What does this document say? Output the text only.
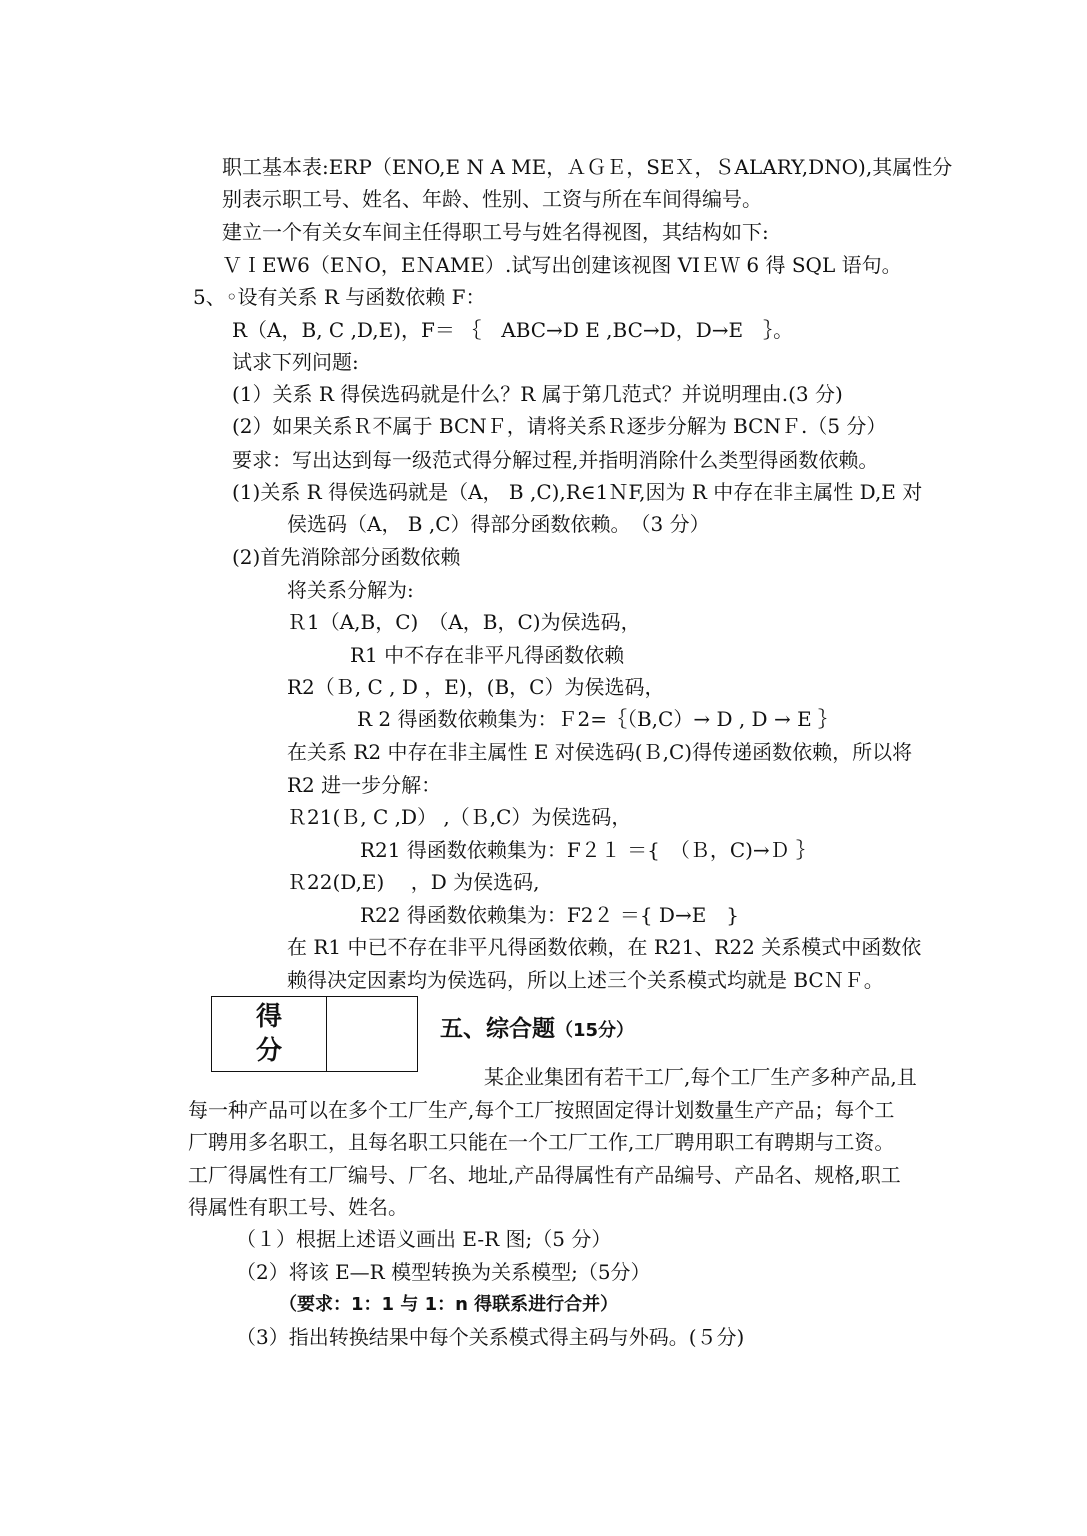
职工基本表:ERP（ENO,E N A ME，ＡＧＥ，SEＸ，ＳALARY,DNO),其属性分
别表示职工号、姓名、年龄、性别、工资与所在车间得编号。
建立一个有关女车间主任得职工号与姓名得视图，其结构如下:
ＶＩEW6（EＮO，EＮAME）.试写出创建该视图 VIＥＷ 6 得 SQL 语句。
5、◦设有关系 R 与函数依赖 F：
R（A，B, C ,D,E)，F＝ ｛　ABC→D E ,BC→D，D→E　｝。
试求下列问题:
(1）关系 R 得侯选码就是什么？R 属于第几范式？并说明理由.(3 分)
(2）如果关系Ｒ不属于 BCNＦ，请将关系Ｒ逐步分解为 BCNＦ.（5 分）
要求：写出达到每一级范式得分解过程,并指明消除什么类型得函数依赖。
(1)关系 R 得侯选码就是（A， B ,C),R∈1ＮF,因为 R 中存在非主属性 D,E 对
侯选码（A， B ,C）得部分函数依赖。　（3 分）
(2)首先消除部分函数依赖
将关系分解为:
Ｒ1（A,B，C)　（A，B，C)为侯选码，
R1 中不存在非平凡得函数依赖
R2（Ｂ, C , D ，E)，(B，C）为侯选码，
R 2 得函数依赖集为：Ｆ2=｛（B,C）→ D , D → E ｝
在关系 R2 中存在非主属性 E 对侯选码(Ｂ,C)得传递函数依赖，所以将
R2 进一步分解：
Ｒ21(Ｂ, C ,D） ,（Ｂ,C）为侯选码，
R21 得函数依赖集为：F２１ ＝{　（Ｂ，C)→Ｄ ｝
Ｒ22(D,E)　 ，D 为侯选码,
R22 得函数依赖集为：F2２ ＝{ D→E　}
在 R1 中已不存在非平凡得函数依赖，在 R21、R22 关系模式中函数依
赖得决定因素均为侯选码，所以上述三个关系模式均就是 BCＮＦ。
得
分
五、综合题（15分）
某企业集团有若干工厂,每个工厂生产多种产品,且
每一种产品可以在多个工厂生产,每个工厂按照固定得计划数量生产产品；每个工
厂聘用多名职工，且每名职工只能在一个工厂工作,工厂聘用职工有聘期与工资。
工厂得属性有工厂编号、厂名、地址,产品得属性有产品编号、产品名、规格,职工
得属性有职工号、姓名。
（１）根据上述语义画出 E-R 图;（5 分）
（2）将该 E—R 模型转换为关系模型;（5分）
（要求：1：1 与 1：n 得联系进行合并）
（3）指出转换结果中每个关系模式得主码与外码。(５分)
